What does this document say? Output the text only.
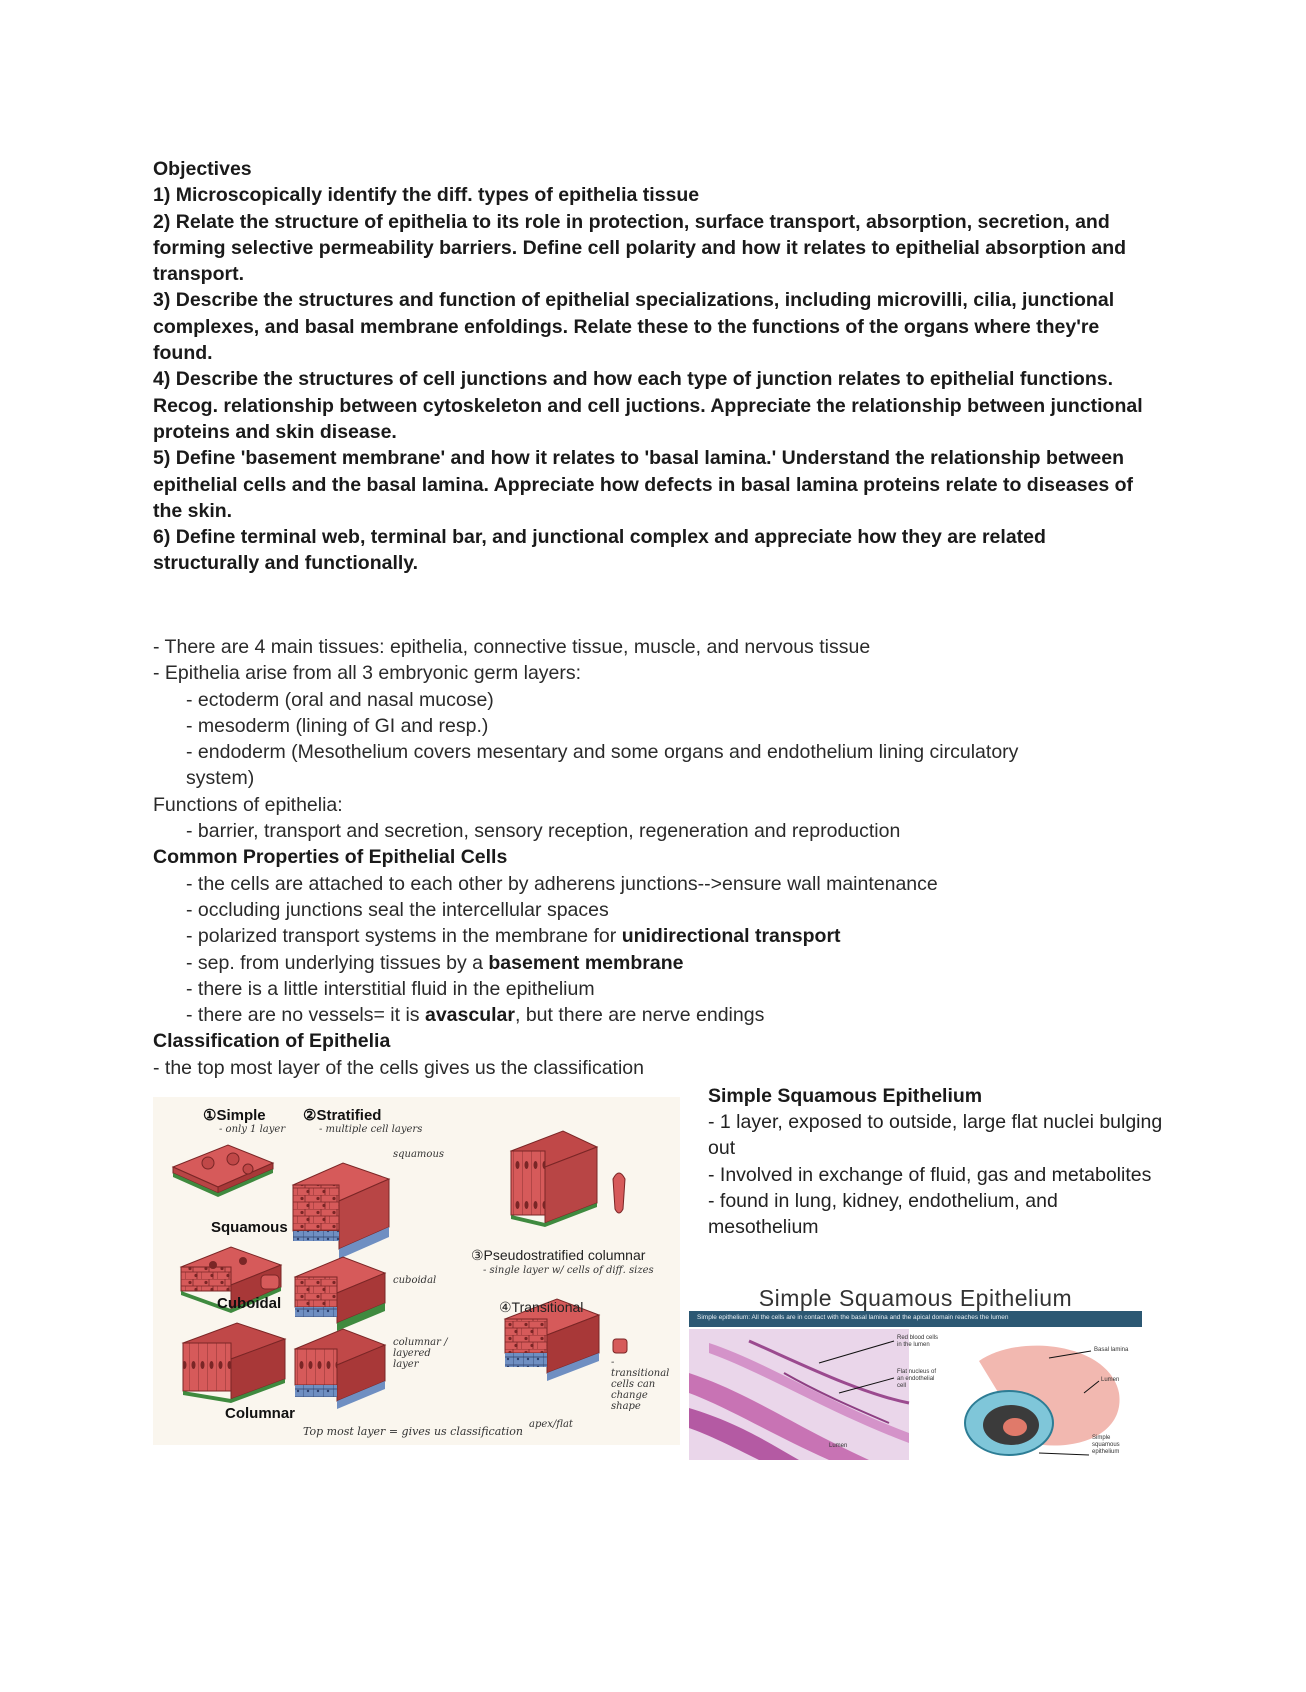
Objectives
1) Microscopically identify the diff. types of epithelia tissue
2) Relate the structure of epithelia to its role in protection, surface transport, absorption, secretion, and forming selective permeability barriers. Define cell polarity and how it relates to epithelial absorption and transport.
3) Describe the structures and function of epithelial specializations, including microvilli, cilia, junctional complexes, and basal membrane enfoldings. Relate these to the functions of the organs where they're found.
4) Describe the structures of cell junctions and how each type of junction relates to epithelial functions. Recog. relationship between cytoskeleton and cell juctions. Appreciate the relationship between junctional proteins and skin disease.
5) Define 'basement membrane' and how it relates to 'basal lamina.' Understand the relationship between epithelial cells and the basal lamina. Appreciate how defects in basal lamina proteins relate to diseases of the skin.
6) Define terminal web, terminal bar, and junctional complex and appreciate how they are related structurally and functionally.
- There are 4 main tissues: epithelia, connective tissue, muscle, and nervous tissue
- Epithelia arise from all 3 embryonic germ layers:
- ectoderm (oral and nasal mucose)
- mesoderm (lining of GI and resp.)
- endoderm (Mesothelium covers mesentary and some organs and endothelium lining circulatory
system)
Functions of epithelia:
- barrier, transport and secretion, sensory reception, regeneration and reproduction
Common Properties of Epithelial Cells
- the cells are attached to each other by adherens junctions-->ensure wall maintenance
- occluding junctions seal the intercellular spaces
- polarized transport systems in the membrane for unidirectional transport
- sep. from underlying tissues by a basement membrane
- there is a little interstitial fluid in the epithelium
- there are no vessels= it is avascular, but there are nerve endings
Classification of Epithelia
- the top most layer of the cells gives us the classification
①Simple
- only 1 layer
②Stratified
- multiple cell layers
squamous
Squamous
Cuboidal
cuboidal
Columnar
columnar / layered layer
③Pseudostratified columnar
- single layer w/ cells of diff. sizes
④Transitional
- transitional cells can change shape
Top most layer = gives us classification
apex/flat
Simple Squamous Epithelium
- 1 layer, exposed to outside, large flat nuclei bulging out
- Involved in exchange of fluid, gas and metabolites
- found in lung, kidney, endothelium, and mesothelium
Simple Squamous Epithelium
Simple epithelium: All the cells are in contact with the basal lamina and the apical domain reaches the lumen
Red blood cells in the lumen
Flat nucleus of an endothelial cell
Lumen
Basal lamina
Lumen
Simple squamous epithelium
